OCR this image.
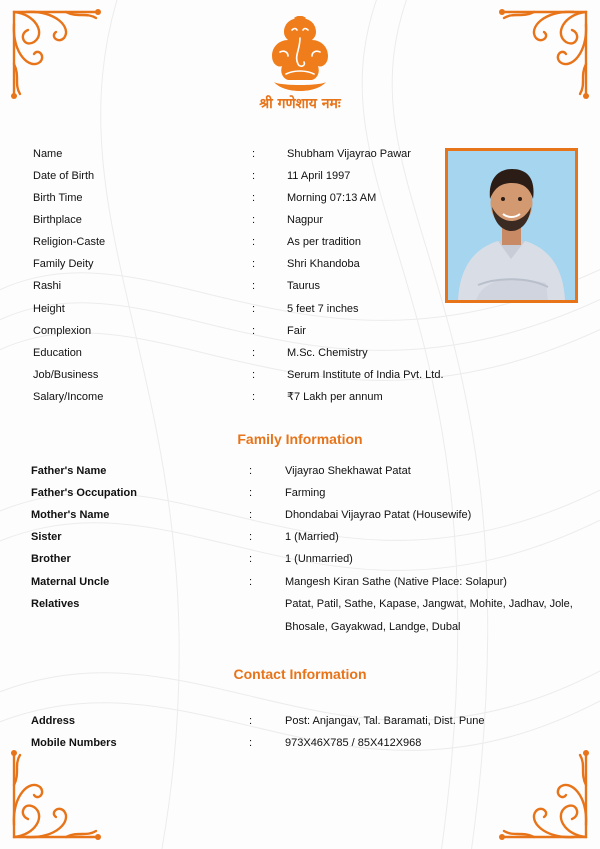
श्री गणेशाय नमः
Name	:	Shubham Vijayrao Pawar
Date of Birth	:	11 April 1997
Birth Time	:	Morning 07:13 AM
Birthplace	:	Nagpur
Religion-Caste	:	As per tradition
Family Deity	:	Shri Khandoba
Rashi	:	Taurus
Height	:	5 feet 7 inches
Complexion	:	Fair
Education	:	M.Sc. Chemistry
Job/Business	:	Serum Institute of India Pvt. Ltd.
Salary/Income	:	₹7 Lakh per annum
Family Information
Father's Name	:	Vijayrao Shekhawat Patat
Father's Occupation	:	Farming
Mother's Name	:	Dhondabai Vijayrao Patat (Housewife)
Sister	:	1 (Married)
Brother	:	1 (Unmarried)
Maternal Uncle	:	Mangesh Kiran Sathe (Native Place: Solapur)
Relatives	Patat, Patil, Sathe, Kapase, Jangwat, Mohite, Jadhav, Jole,
Bhosale, Gayakwad, Landge, Dubal
Contact Information
Address	:	Post: Anjangav, Tal. Baramati, Dist. Pune
Mobile Numbers	:	973X46X785 / 85X412X968
